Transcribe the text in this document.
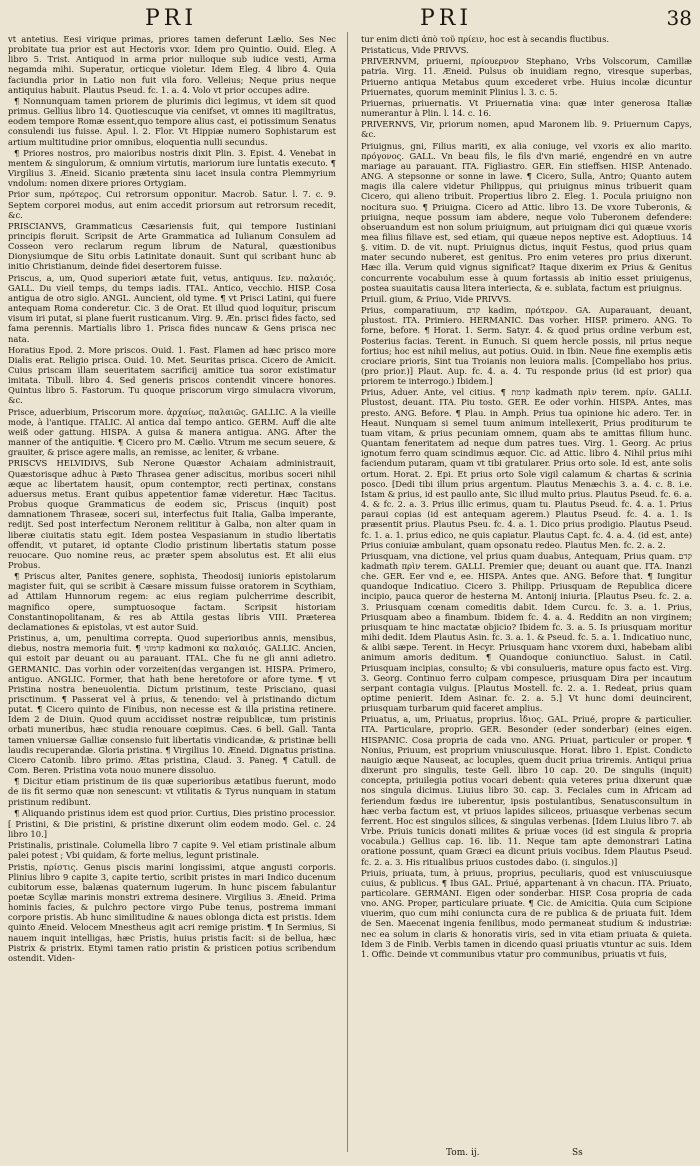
PRI	PRI	38

vt antetius. Eesi virique primas, priores tamen deferunt Lælio. Ses Nec probitate tua prior est aut Hectoris vxor. Idem pro Quintio. Ouid. Eleg. A libro 5. Trist. Antiquod in arma prior nulloque sub iudice vesti, Arma negamda mihi. Superatur, orticque violetur. Idem Eleg. 4 libro 4. Quia faciundia prior in Latio non fuit vila foro. Velleius; Neque prius neque antiquius habuit. Plautus Pseud. fc. 1. a. 4. Volo vt prior occupes adire.

¶ Nonnunquam tamen priorem de plurimis dici legimus, vt idem sit quod primus. Gellius libro 14. Quotiescuque via cenifset, vt omnes iti magiltratus, eodem tempore Romæ essent,quo tempore alius cast, ei potissimum Senatus consulendi ius fuisse. Apul. l. 2. Flor. Vt Hippiæ numero Sophistarum est artium multitudine prior omnibus, eloquentia nulli secundus.

¶ Priores nostros, pro maioribus nostris dixit Plin. 3. Epist. 4. Venebat in mentem & singulorum, & omnium virtutis, mariorum iure luntatis executo. ¶ Virgilius 3. Æneid. Sicanio prætenta sinu iacet insula contra Plemmyrium vndolum: nomen dixere priores Ortygiam.

Prior sum, πρότερος. Cui retrorsum opponitur. Macrob. Satur. l. 7. c. 9. Septem corporei modus, aut enim accedit priorsum aut retrorsum recedit, &c.

PRISCIANVS, Grammaticus Cæsariensis fuit, qui tempore Iustiniani principis floruit. Scripsit de Arte Grammatica ad Iulianum Consulem ad Cosseon vero reclarum regum librum de Natural, quæstionibus Dionysiumque de Situ orbis Latinitate donauit. Sunt qui scribant hunc ab initio Christianum, deinde fidei desertorem fuisse.

Priscus, a, um, Quod superiori ætate fuit, vetus, antiquus. Ιεν. παλαιός. GALL. Du vieil temps, du temps iadis. ITAL. Antico, vecchio. HISP. Cosa antigua de otro siglo. ANGL. Auncient, old tyme. ¶ vt Prisci Latini, qui fuere antequam Roma conderetur. Cic. 3 de Orat. Et illud quod loquitur, priscum visum iri putat, si plane fuerit rusticanum. Virg. 9. Æn. prisci fides facto, sed fama perennis. Martialis libro 1. Prisca fides nuncaw & Gens prisca nec nata.

Horatius Epod. 2. More priscos. Ouid. 1. Fast. Flamen ad hæc prisco more Dialis erat. Religio prisca. Ouid. 10. Met. Seuritas prisca. Cicero de Amicit. Cuius priscam illam seueritatem sacrificij amitice tua soror existimatur imitata. Tibull. libro 4. Sed generis priscos contendit vincere honores. Quintus libro 5. Fastorum. Tu quoque priscorum virgo simulacra vivorum, &c.

Prisce, aduerbium, Priscorum more. ἀρχαίως, παλαιῶς. GALLIC. A la vieille mode, à l'antique. ITALIC. Al antica dal tempo antico. GERM. Auff die alte weiß oder gattung. HISPA. A guisa & manera antigua. ANG. After the manner of the antiquitie. ¶ Cicero pro M. Cælio. Vtrum me secum seuere, & grauiter, & prisce agere malis, an remisse, ac leniter, & vrbane.

PRISCVS HELVIDIVS, Sub Nerone Quæstor Achaiam administrauit, Quæstorisque adhuc à Pæto Thrasea gener adiscitus, moribus soceri nihil æque ac libertatem hausit, opum contemptor, recti pertinax, constans aduersus metus. Erant quibus appetentior famæ videretur. Hæc Tacitus. Probus quoque Grammaticus de eodem sic, Priscus (inquit) post damnationem Thraseæ, soceri sui, interfectus fuit Italia, Galba imperante, redijt. Sed post interfectum Neronem relititur à Galba, non alter quam in liberæ ciuitatis statu egit. Idem postea Vespasianum in studio libertatis offendit, vt putaret, id optante Clodio pristinum libertatis statum posse reuocare. Quo nomine reus, ac præter spem absolutus est. Et alii eius Probus.

¶ Priscus alter, Panites genere, sophista, Theodosij iunioris epistolarum magister fuit, qui se scribit à Cæsare missum fuisse oratorem in Scythiam, ad Attilam Hunnorum regem: ac eius regiam pulcherrime describit, magnifico opere, sumptuosoque factam. Scripsit historiam Constantinopolitanam, & res ab Attila gestas libris VIII. Præterea declamationes & epistolas, vt est autor Suid.

Pristinus, a, um, penultima correpta. Quod superioribus annis, mensibus, diebus, nostra memoria fuit. ¶ קדמוני kadmoni κα παλαιός. GALLIC. Ancien, qui estoit par deuant ou au parauant. ITAL. Che fu ne gli anni adietro. GERMANIC. Das vorhin oder vorzeiten(das vergangen ist. HISPA. Primero, antiguo. ANGLIC. Former, that hath bene heretofore or afore tyme. ¶ vt Pristina nostra beneuolentia. Dictum pristinum, teste Prisciano, quasi prisctinum. ¶ Passerat vel à prius, & tenendo: vel à pristinando dictum putat. ¶ Cicero quinto de Finibus, non necesse est & illa pristina retinere. Idem 2 de Diuin. Quod quum accidisset nostræ reipublicæ, tum pristinis orbati muneribus, hæc studia renouare cœpimus. Cæs. 6 bell. Gall. Tanta tamen vniuersæ Galliæ consensio fuit libertatis vindicandæ, & pristinæ belli laudis recuperandæ. Gloria pristina. ¶ Virgilius 10. Æneid. Dignatus pristina. Cicero Catonib. libro primo. Ætas pristina, Claud. 3. Paneg. ¶ Catull. de Com. Beren. Pristina vota nouo munere dissoluo.

¶ Dicitur etiam pristinum de iis quæ superioribus ætatibus fuerunt, modo de iis fit sermo quæ non senescunt: vt vtilitatis & Tyrus nunquam in statum pristinum redibunt.

¶ Aliquando pristinus idem est quod prior. Curtius, Dies pristino processior.

[ Pristini, & Die pristini, & pristine dixerunt olim eodem modo. Gel. c. 24 libro 10.]

Pristinalis, pristinale. Columella libro 7 capite 9. Vel etiam pristinale album palei potest ; Vbi quidam, & forte melius, legunt pristinale.

Pristis, πρίστις. Genus piscis marini longissimi, atque angusti corporis. Plinius libro 9 capite 3, capite tertio, scribit pristes in mari Indico ducenum cubitorum esse, balænas quaternum iugerum. In hunc piscem fabulantur poetæ Scyllæ marinis monstri extrema desinere. Virgilius 3. Æneid. Prima hominis facies, & pulchro pectore virgo Pube tenus, postrema immani corpore pristis. Ab hunc similitudine & naues oblonga dicta est pristis. Idem quinto Æneid. Velocem Mnestheus agit acri remige pristim. ¶ In Sermius, Si nauem inquit intelligas, hæc Pristis, huius pristis facit: si de bellua, hæc Pistrix & pristrix. Etymi tamen ratio pristin & pristicen potius scribendum ostendit. Viden-

tur enim dicti ἀπὸ τοῦ πρίειν, hoc est à secandis fluctibus.

Pristaticus, Vide PRIVVS.

PRIVERNVM, priuerni, πρίουερνον Stephano, Vrbs Volscorum, Camillæ patria. Virg. 11. Æneid. Pulsus ob inuidiam regno, viresque superbas, Priuerno antiqua Metabus quum excederet vrbe. Huius incolæ dicuntur Priuernates, quorum meminit Plinius l. 3. c. 5.

Priuernas, priuernatis. Vt Priuernatia vina: quæ inter generosa Italiæ numerantur à Plin. l. 14. c. 16.

PRIVERNVS, Vir, priorum nomen, apud Maronem lib. 9. Priuernum Capys, &c.

Priuignus, gni, Filius mariti, ex alia coniuge, vel vxoris ex alio marito. πρόγονος. GALL. Vn beau fils, le fils d'vn marié, engendré en vn autre mariage au parauant. ITA. Figliastro. GER. Ein stieffsen. HISP. Antenado. ANG. A stepsonne or sonne in lawe. ¶ Cicero, Sulla, Antro; Quanto autem magis illa calere videtur Philippus, qui priuignus minus tribuerit quam Cicero, qui alieno tribuit. Propertius libro 2. Eleg. 1. Pocula priuigno non nocitura suo. ¶ Priuigna. Cicero ad Attic. libro 13. De vxore Tuberonis, & priuigna, neque possum iam abdere, neque volo Tuberonem defendere: obseruandum est non solum priuignum, aut priuignam dici qui quæue vxoris mea filius filiave est, sed etiam, qui quæue nepos neptive est. Adoptiuus. 14 §. vitim. D. de vit. nupt. Priuignus dictus, inquit Festus, quod prius quam mater secundo nuberet, est genitus. Pro enim veteres pro prius dixerunt. Hæc illa. Verum quid vignus significat? Itaque dixerim ex Prius & Genitus concurrente vocabulum esse à quum fortassis ab initio esset priuigenus, postea suauitatis causa litera interiecta, & e. sublata, factum est priuignus.

Priuil. gium, & Priuo, Vide PRIVVS.

Prius, comparatiuum, קדם kadim, πρότερον. GA. Auparauant, deuant, plustost. ITA. Primiero. HERMANIC. Das vorher. HISP. primero. ANG. To forne, before. ¶ Horat. 1. Serm. Satyr. 4. & quod prius ordine verbum est, Posterius facias. Terent. in Eunuch. Si quem hercle possis, nil prius neque fortius; hoc est nihil melius, aut potius. Ouid. in Ibin. Neue fine exemplis ætis crociare prioris, Sint tua Troianis non leuiora malis. [Compellabo hos prius. (pro prior.)] Plaut. Aup. fc. 4. a. 4. Tu responde prius (id est prior) qua priorem te interrogo.) Ibidem.]

Prius, Aduer. Ante, vel citius. ¶ קדמת kadmath πρὶν terem. πρίν. GALLI. Plustost, deuant. ITA. Piu tosto. GER. Ee oder vorhin. HISPA. Antes, mas presto. ANG. Before. ¶ Plau. in Amph. Prius tua opinione hic adero. Ter. in Heaut. Nunquam si semel tuum animum intellexerit, Prius proditurum te tuam vitam, & prius pecuniam omnem, quam abs te amittas filium hunc. Quantam feneritatem ad neque dum patres tues. Virg. 1. Georg. Ac prius ignotum ferro quam scindimus æquor. Cic. ad Attic. libro 4. Nihil prius mihi faciendum putaram, quam vt tibi gratularer. Prius orto sole. Id est, ante solis ortum. Horat. 2. Epi. Et prius orto Sole vigil calamum & chartas & scrinia posco. [Dedi tibi illum prius argentum. Plautus Menæchis 3. a. 4. c. 8. i.e. Istam & prius, id est paullo ante, Sic illud multo prius. Plautus Pseud. fc. 6. a. 4. & fc. 2. a. 3. Prius illic erimus, quam tu. Plautus Pseud. fc. 4. a. 1. Prius paraui copias (id est antequam agerem.) Plautus Pseud. fc. 4. a. 1. Is præsentit prius. Plautus Pseu. fc. 4. a. 1. Dico prius prodigio. Plautus Pseud. fc. 1. a. 1. prius edico, ne quis capiatur. Plautus Capt. fc. 4. a. 4. (id est, ante) Prius coniuiæ ambulant, quam opsonatu redeo. Plautus Men. fc. 2. a. 2.

Priusquam, vna dictione, vel prius quam duabus, Antequam, Prius quam. קדם kadmath πρὶν terem. GALLI. Premier que; deuant ou auant que. ITA. Inanzi che. GER. Eer vnd e, ee. HISPA. Antes que. ANG. Before that. ¶ Iungitur quandoque Indicatiuo. Cicero 3. Philipp. Priusquam de Republica dicere incipio, pauca queror de hesterna M. Antonij iniuria. [Plautus Pseu. fc. 2. a. 3. Priusquam cœnam comeditis dabit. Idem Curcu. fc. 3. a. 1. Prius, Priusquam abeo a finambum. Ibidem fc. 4. a. 4. Redditn an non virginem; priusquam te hinc mactatæ objicio? Ibidem fc. 3. a. 5. Is priusquam moritur mihi dedit. Idem Plautus Asin. fc. 3. a. 1. & Pseud. fc. 5. a. 1. Indicatiuo nunc, & alibi sæpe. Terent. in Hecyr. Priusquam hanc vxorem duxi, habebam alibi animum amoris deditum. ¶ Quandoque coniunctiuo. Salust. in Catil. Priusquam incipias, consulto; & vbi consulueris, mature opus facto est. Virg. 3. Georg. Continuo ferro culpam compesce, priusquam Dira per incautum serpant contagia vulgus. [Plautus Mostell. fc. 2. a. 1. Redeat, prius quam optime penierit. Idem Asinar. fc. 2. a. 5.] Vt hunc domi deuincirent, priusquam turbarum quid faceret amplius.

Priuatus, a, um, Priuatus, proprius. ἴδιος. GAL. Priué, propre & particulier. ITA. Particulare, proprio. GER. Besonder (eder sonderbar) (eines eigen. HISPANIC. Cosa propria de cada vno. ANG. Priuat, particuler or proper. ¶ Nonius, Priuum, est proprium vniuscuiusque. Horat. libro 1. Epist. Condicto nauigio æque Nauseat, ac locuples, quem ducit priua triremis. Antiqui priua dixerunt pro singulis, teste Gell. libro 10 cap. 20. De singulis (inquit) concepta, priuilegia potius vocari debent: quia veteres priua dixerunt quæ nos singula dicimus. Liuius libro 30. cap. 3. Feciales cum in Africam ad feriendum fœdus ire iuberentur, ipsis postulantibus, Senatusconsultum in hæc verba factum est, vt priuos lapides siliceos, priuasque verbenas secum ferrent. Hoc est singulos silices, & singulas verbenas. [Idem Liuius libro 7. ab Vrbe. Priuis tunicis donati milites & priuæ voces (id est singula & propria vocabula.) Gellius cap. 16. lib. 11. Neque tam apte demonstrari Latina oratione possunt, quam Græci ea dicunt priuis vocibus. Idem Plautus Pseud. fc. 2. a. 3. His ritualibus priuos custodes dabo. (i. singulos.)]

Priuis, priuata, tum, à priuus, proprius, peculiaris, quod est vniuscuiusque cuius, & publicus. ¶ Ibus GAL. Priué, appartenant à vn chacun. ITA. Priuato, particolare. GERMANI. Eigen oder sonderbar. HISP. Cosa propria de cada vno. ANG. Proper, particulare priuate. ¶ Cic. de Amicitia. Quia cum Scipione viuerim, quo cum mihi coniuncta cura de re publica & de priuata fuit. Idem de Sen. Maecenat ingenia fenilibus, modo permaneat studium & industriæ: nec ea solum in claris & honoratis viris, sed in vita etiam priuata & quieta. Idem 3 de Finib. Verbis tamen in dicendo quasi priuatis vtuntur ac suis. Idem 1. Offic. Deinde vt communibus vtatur pro communibus, priuatis vt fuis,

Tom. ij.	Ss
